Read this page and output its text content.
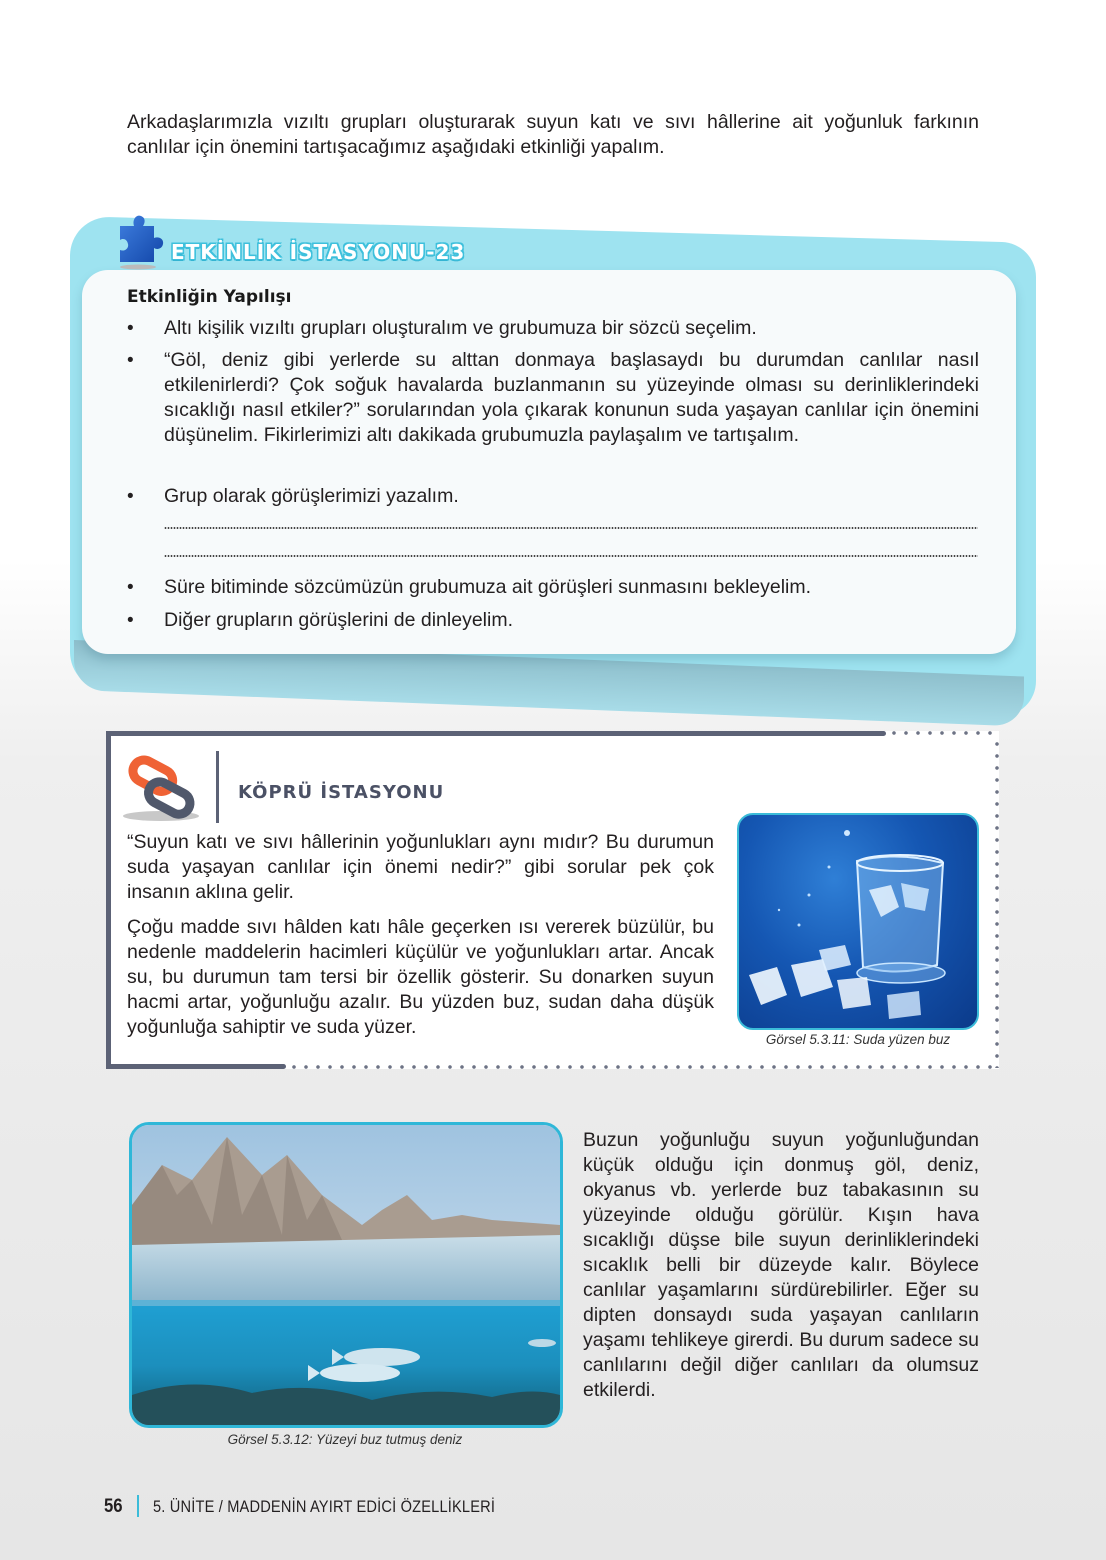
Arkadaşlarımızla vızıltı grupları oluşturarak suyun katı ve sıvı hâllerine ait yoğunluk farkının canlılar için önemini tartışacağımız aşağıdaki etkinliği yapalım.
ETKİNLİK İSTASYONU-23
Etkinliğin Yapılışı
• Altı kişilik vızıltı grupları oluşturalım ve grubumuza bir sözcü seçelim.
• “Göl, deniz gibi yerlerde su alttan donmaya başlasaydı bu durumdan canlılar nasıl etkilenirlerdi? Çok soğuk havalarda buzlanmanın su yüzeyinde olması su derinliklerindeki sıcaklığı nasıl etkiler?” sorularından yola çıkarak konunun suda yaşayan canlılar için önemini düşünelim. Fikirlerimizi altı dakikada grubumuzla paylaşalım ve tartışalım.
• Grup olarak görüşlerimizi yazalım.
• Süre bitiminde sözcümüzün grubumuza ait görüşleri sunmasını bekleyelim.
• Diğer grupların görüşlerini de dinleyelim.
KÖPRÜ İSTASYONU
“Suyun katı ve sıvı hâllerinin yoğunlukları aynı mıdır? Bu durumun suda yaşayan canlılar için önemi nedir?” gibi sorular pek çok insanın aklına gelir.
Çoğu madde sıvı hâlden katı hâle geçerken ısı vererek büzülür, bu nedenle maddelerin hacimleri küçülür ve yoğunlukları artar. Ancak su, bu durumun tam tersi bir özellik gösterir. Su donarken suyun hacmi artar, yoğunluğu azalır. Bu yüzden buz, sudan daha düşük yoğunluğa sahiptir ve suda yüzer.
Görsel 5.3.11: Suda yüzen buz
Görsel 5.3.12: Yüzeyi buz tutmuş deniz
Buzun yoğunluğu suyun yoğunluğundan küçük olduğu için donmuş göl, deniz, okyanus vb. yerlerde buz tabakasının su yüzeyinde olduğu görülür. Kışın hava sıcaklığı düşse bile suyun derinliklerindeki sıcaklık belli bir düzeyde kalır. Böylece canlılar yaşamlarını sürdürebilirler. Eğer su dipten donsaydı suda yaşayan canlıların yaşamı tehlikeye girerdi. Bu durum sadece su canlılarını değil diğer canlıları da olumsuz etkilerdi.
56 5. ÜNİTE / MADDENİN AYIRT EDİCİ ÖZELLİKLERİ
